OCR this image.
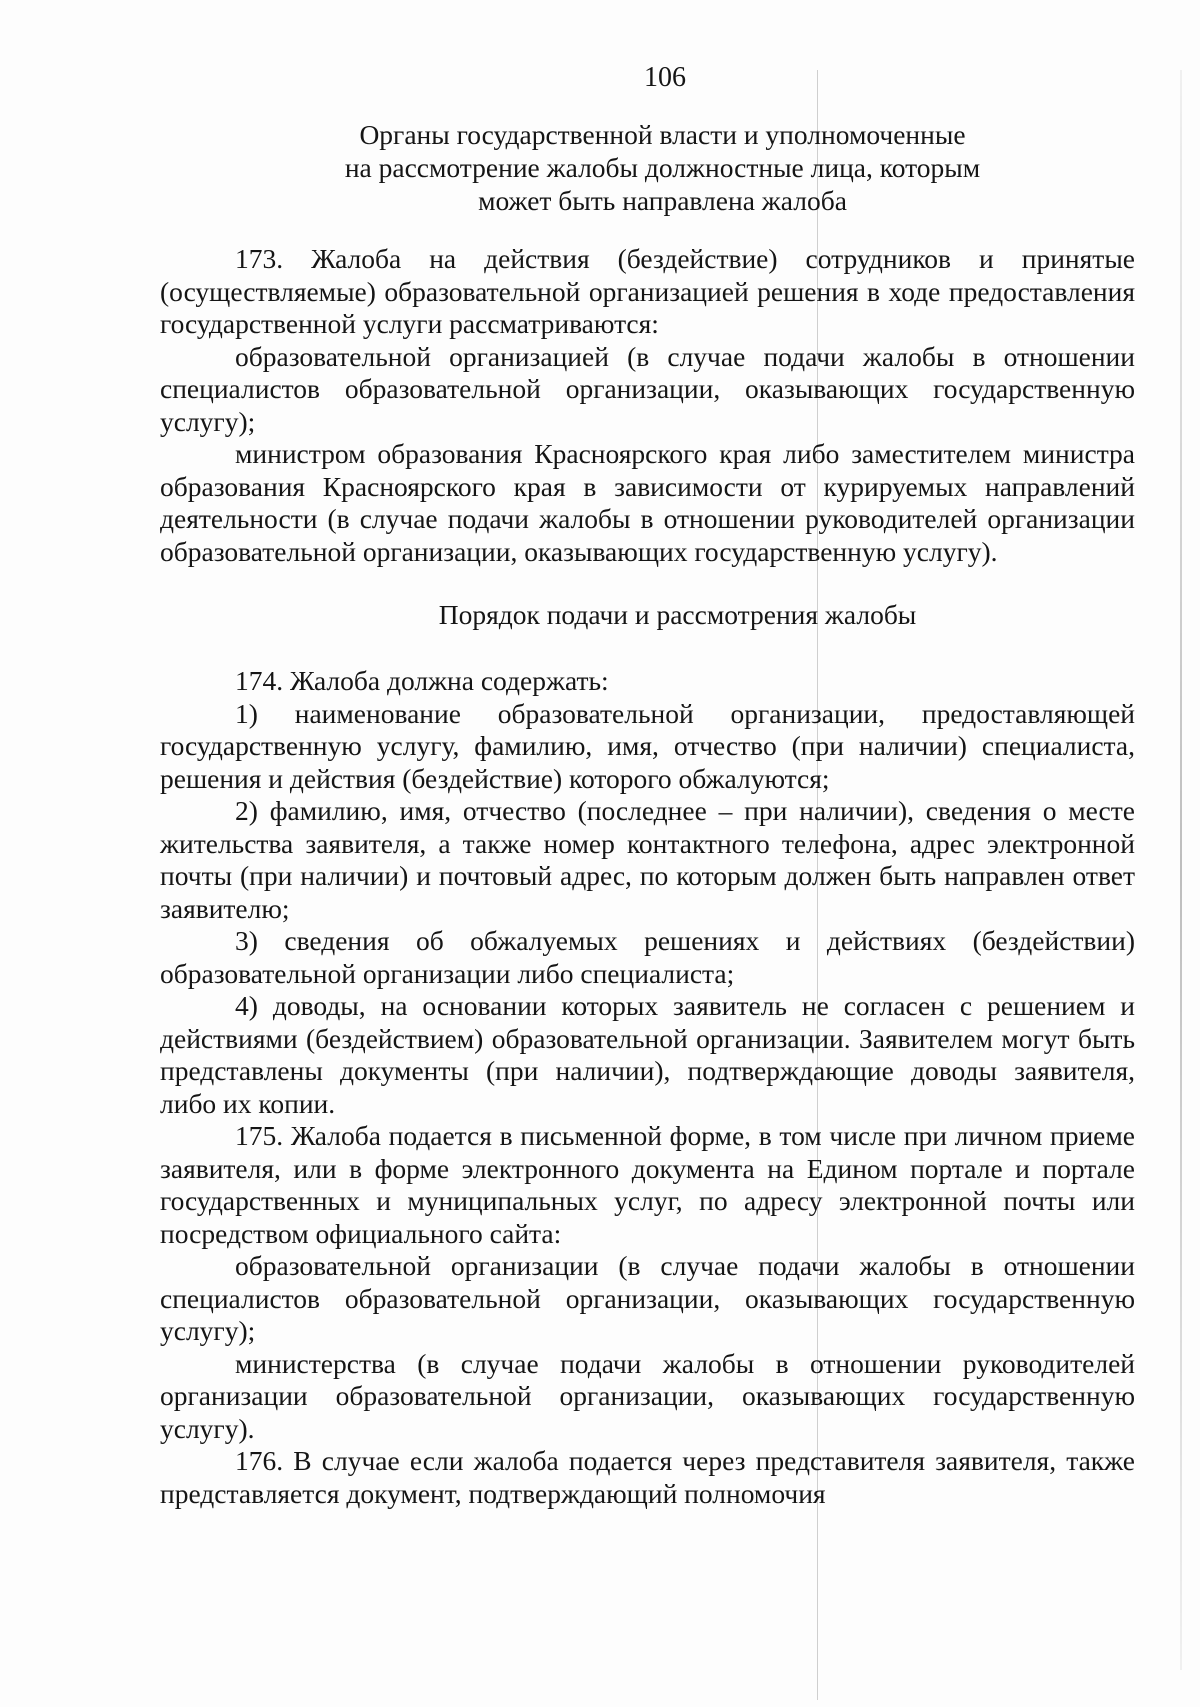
106
Органы государственной власти и уполномоченные
на рассмотрение жалобы должностные лица, которым
может быть направлена жалоба

173. Жалоба на действия (бездействие) сотрудников и принятые (осуществляемые) образовательной организацией решения в ходе предоставления государственной услуги рассматриваются:

образовательной организацией (в случае подачи жалобы в отношении специалистов образовательной организации, оказывающих государственную услугу);

министром образования Красноярского края либо заместителем министра образования Красноярского края в зависимости от курируемых направлений деятельности (в случае подачи жалобы в отношении руководителей организации образовательной организации, оказывающих государственную услугу).

Порядок подачи и рассмотрения жалобы

174. Жалоба должна содержать:

1) наименование образовательной организации, предоставляющей государственную услугу, фамилию, имя, отчество (при наличии) специалиста, решения и действия (бездействие) которого обжалуются;

2) фамилию, имя, отчество (последнее – при наличии), сведения о месте жительства заявителя, а также номер контактного телефона, адрес электронной почты (при наличии) и почтовый адрес, по которым должен быть направлен ответ заявителю;

3) сведения об обжалуемых решениях и действиях (бездействии) образовательной организации либо специалиста;

4) доводы, на основании которых заявитель не согласен с решением и действиями (бездействием) образовательной организации. Заявителем могут быть представлены документы (при наличии), подтверждающие доводы заявителя, либо их копии.

175. Жалоба подается в письменной форме, в том числе при личном приеме заявителя, или в форме электронного документа на Едином портале и портале государственных и муниципальных услуг, по адресу электронной почты или посредством официального сайта:

образовательной организации (в случае подачи жалобы в отношении специалистов образовательной организации, оказывающих государственную услугу);

министерства (в случае подачи жалобы в отношении руководителей организации образовательной организации, оказывающих государственную услугу).

176. В случае если жалоба подается через представителя заявителя, также представляется документ, подтверждающий полномочия
